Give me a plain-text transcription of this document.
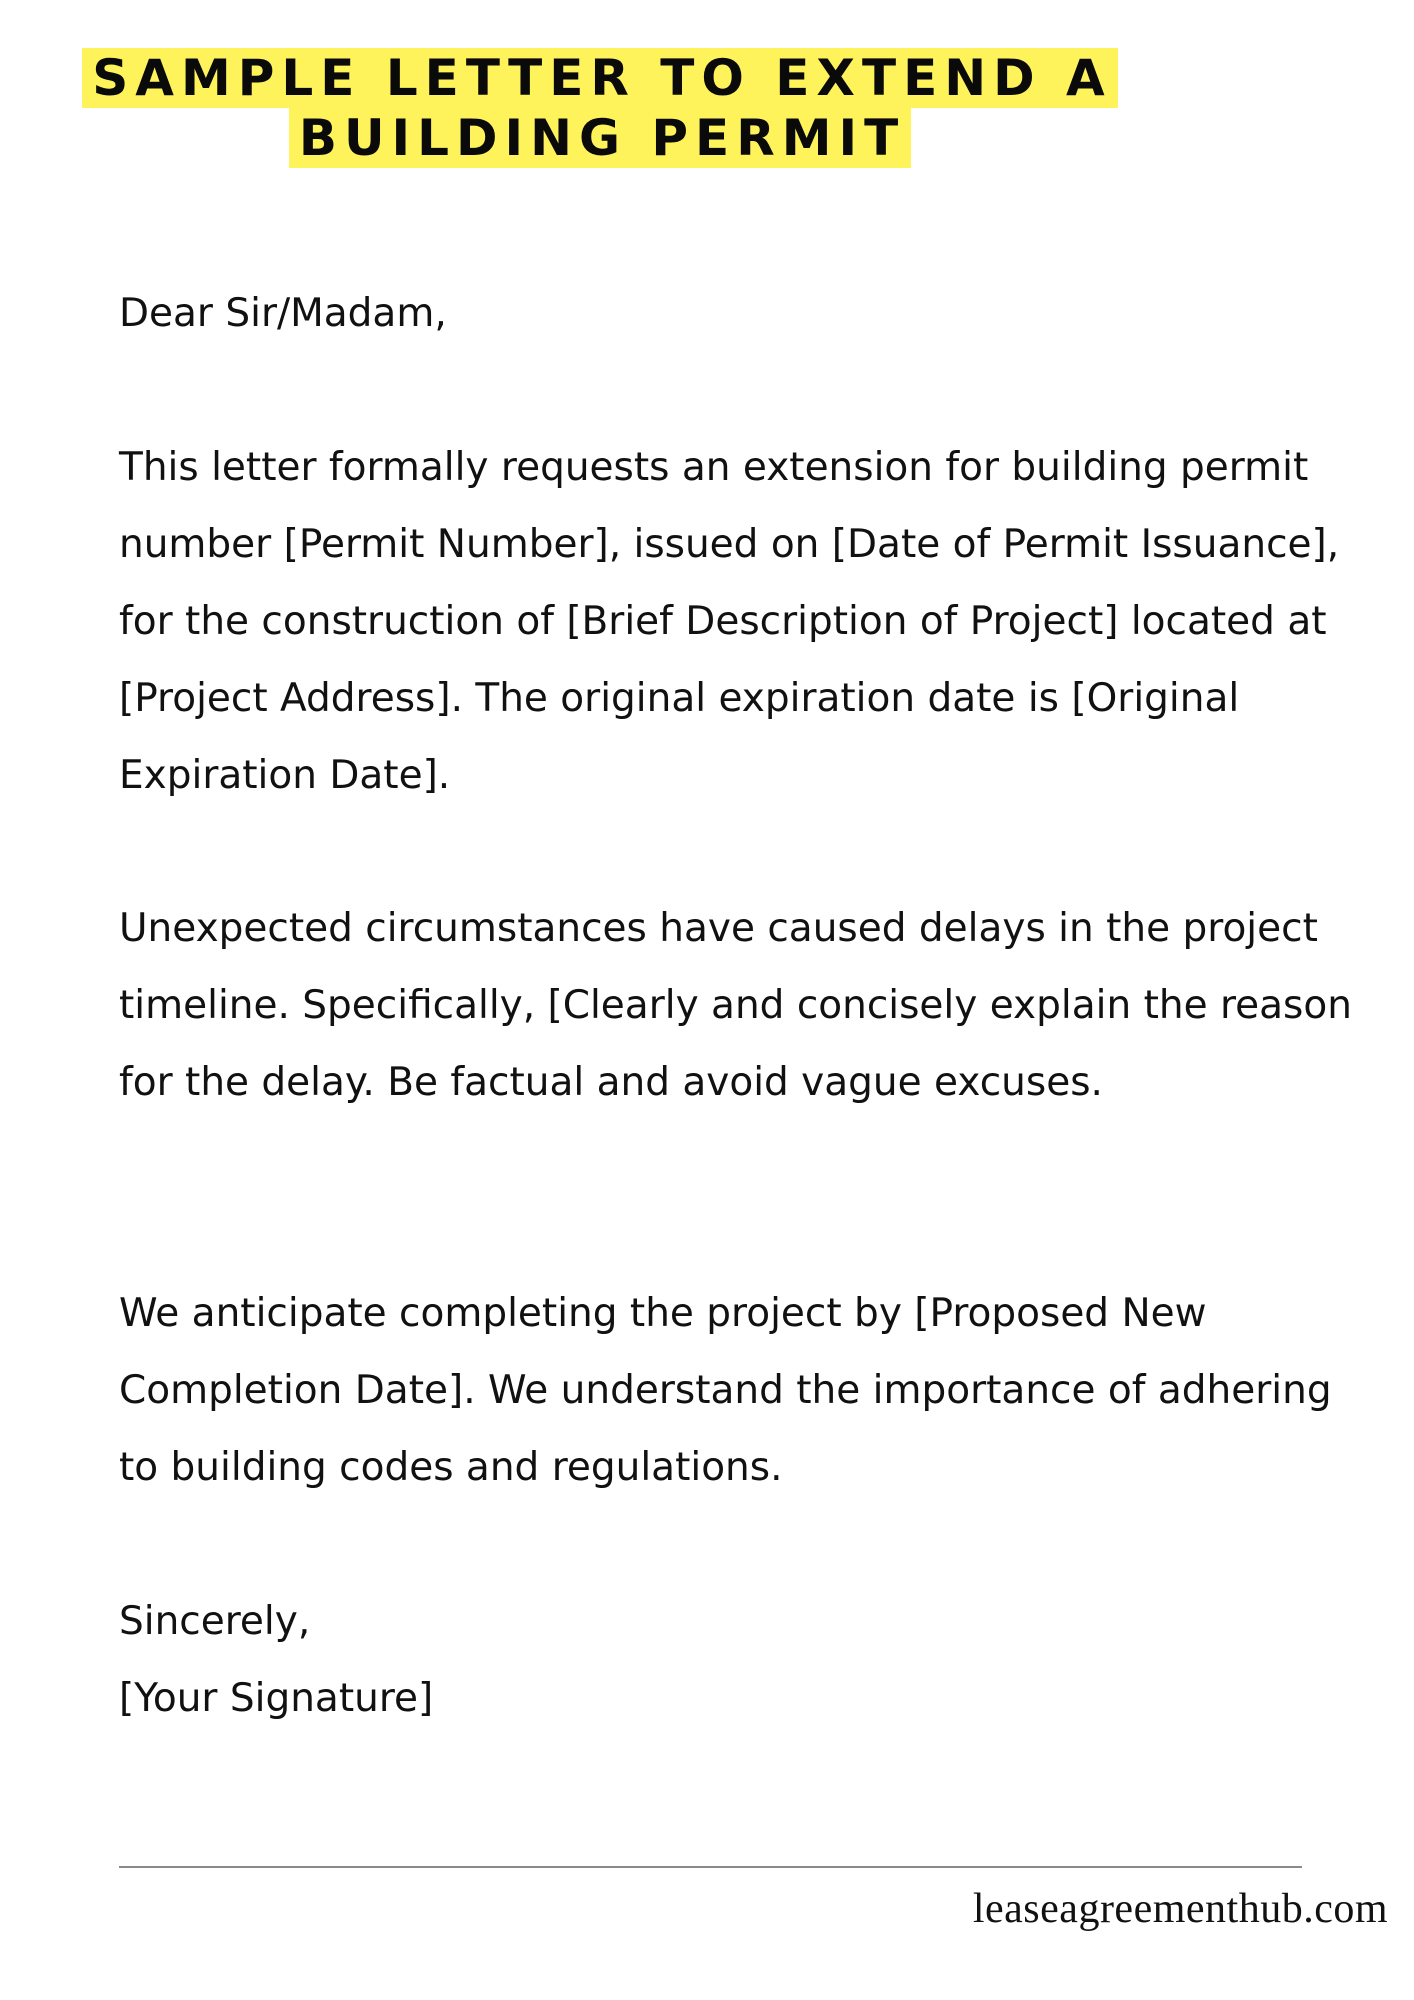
SAMPLE LETTER TO EXTEND A
BUILDING PERMIT
Dear Sir/Madam,

This letter formally requests an extension for building permit number [Permit Number], issued on [Date of Permit Issuance], for the construction of [Brief Description of Project] located at [Project Address]. The original expiration date is [Original Expiration Date].

Unexpected circumstances have caused delays in the project timeline. Specifically, [Clearly and concisely explain the reason for the delay. Be factual and avoid vague excuses.

We anticipate completing the project by [Proposed New Completion Date]. We understand the importance of adhering to building codes and regulations.

Sincerely,
[Your Signature]
leaseagreementhub.com
